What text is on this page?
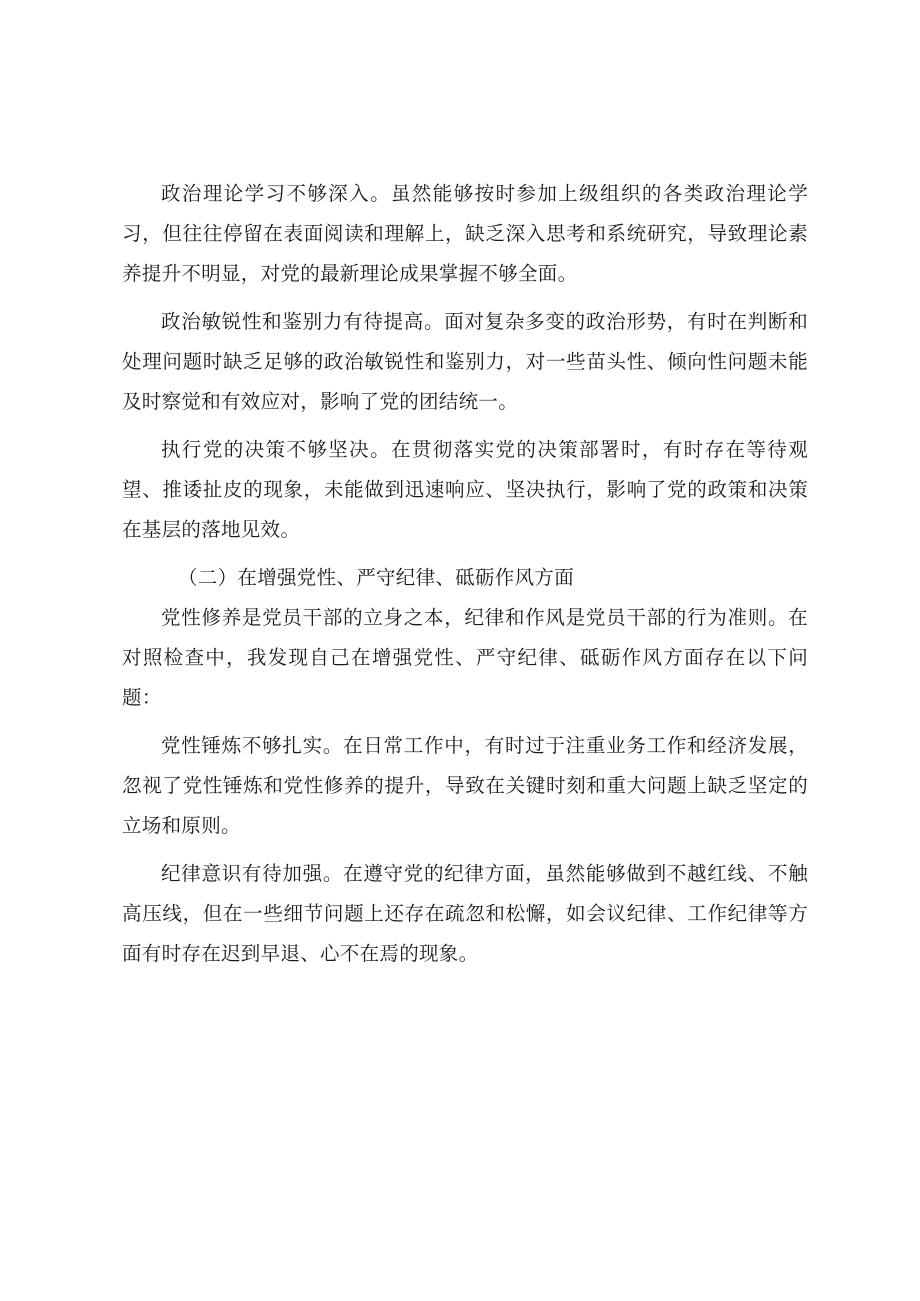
政治理论学习不够深入。虽然能够按时参加上级组织的各类政治理论学习，但往往停留在表面阅读和理解上，缺乏深入思考和系统研究，导致理论素养提升不明显，对党的最新理论成果掌握不够全面。

政治敏锐性和鉴别力有待提高。面对复杂多变的政治形势，有时在判断和处理问题时缺乏足够的政治敏锐性和鉴别力，对一些苗头性、倾向性问题未能及时察觉和有效应对，影响了党的团结统一。

执行党的决策不够坚决。在贯彻落实党的决策部署时，有时存在等待观望、推诿扯皮的现象，未能做到迅速响应、坚决执行，影响了党的政策和决策在基层的落地见效。

（二）在增强党性、严守纪律、砥砺作风方面

党性修养是党员干部的立身之本，纪律和作风是党员干部的行为准则。在对照检查中，我发现自己在增强党性、严守纪律、砥砺作风方面存在以下问题：

党性锤炼不够扎实。在日常工作中，有时过于注重业务工作和经济发展，忽视了党性锤炼和党性修养的提升，导致在关键时刻和重大问题上缺乏坚定的立场和原则。

纪律意识有待加强。在遵守党的纪律方面，虽然能够做到不越红线、不触高压线，但在一些细节问题上还存在疏忽和松懈，如会议纪律、工作纪律等方面有时存在迟到早退、心不在焉的现象。
